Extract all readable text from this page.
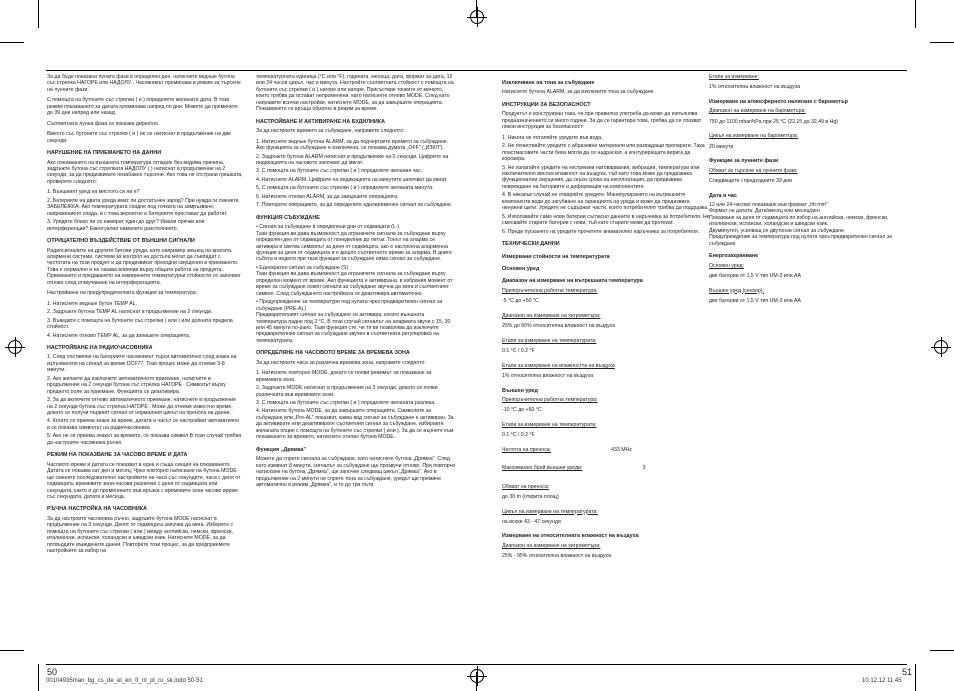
За да бъде показана пуната фаза в определен ден, натиснете ведные бутона със стрелка НАГОРЕ или НАДОЛУ . Часовникът преминава в режим за търсене на лунните фази.

С помощта на бутоните със стрелки ( и ) определете желаната дата. В този режим показването за датата преминава напред по дни. Можете да преминете до 39 дни напред или назад.

Съответната лунна фаза се показва директно.

Вместо със бутоните със стрелки ( и ) не се натиснат в продължение на две секунди.

НАРУШЕНИЕ НА ПРИЕМАНЕТО НА ДАННИ

Ако показването на външната температура отпадне без видима причина, задръжте бутона със стрелката НАДОЛУ ( ) натиснат в продължение на 2 секунди, за да предизвикате незабавно търсене. Ако това не отстрани грешката, проверете следното:

1. Външният уред на мястото си ли е?
2. Батериите на двата уреда имат ли достатъчен заряд? При нужда ги сменете. ЗАБЕЛЕЖКА: Ако температурата спадне под точката на замръзване, напрежението спада, и с това вероятно и батериите престават да работят.
3. Уредите близо ли се намират един до друг? Имали пречки или интерференции? Евентуално намалете разстоянието.
ОТРИЦАТЕЛНО ВЪЗДЕЙСТВИЕ ОТ ВЪНШНИ СИГНАЛИ

Радиосигналите на другите битови уреди, като например звънец на вратата, алармени системи, системи за контрол на достъпа могат да съвпадат с честотата на този продукт и да предизвикат преходни смущения в приемането. Това е нормално и не оказва влияние върху общата работа на продукта. Приемането и предаването на измерените температурни стойности се започват отново след отзвучаване на интерференцията.

Настройване на предупредителната функция за температура:

1. Натиснете ведные бутон TEMP AL.
2. Задръжте бутона TEMP AL натиснат в продължение на 2 секунди.
3. Въведете с помощта на бутоните със стрелки ( или ) или долната предела стойност.
4. Натиснете отново TEMP AL, за да запишете операцията.
НАСТРОЙВАНЕ НА РАДИОЧАСОВНИКА
1. След поставяне на батериите часовникът търси автоматично след знака на излъчвателя на сигнал за време DCF77. Този процес може да отнеме 3-8 минути.
2. Ако желаете да изключите автоматичното приемане, натиснете в продължение на 2 секунди бутона със стрелка НАГОРЕ . Символът върху предното поле за приемане. Функцията се деактивира.
3. За да включите отново автоматичното приемане, натиснете в продължение на 2 секунди бутона със стрелка НАГОРЕ . Може да отнеме известно време, докато се получи първият сигнал от нормалния цикъл на преноса на данни.
4. Когато се приема знака за време, датата и часът се настройват автоматично и се показва символът на радиочасовника .
5. Ако не се приема знакът за времето, се показва символ В този случай трябва да настроите часовника ръчно.
РЕЖИМ НА ПОКАЗВАНЕ ЗА ЧАСОВО ВРЕМЕ И ДАТА

Часовото време и датата се показват в една и съща секция на показването. Датата се показва кат ден и месец. Чрез повторно натискане на бутона MODE ще сменяте последователно настройките на часа със секундите, часа с деня от седмицата, времевите зони-часови различни с деня от седмицата или секундата, както и до променянето във връзка с времевите зони часово време със секундата, датата и месеца.

РЪЧНА НАСТРОЙКА НА ЧАСОВНИКА

За да настроите часовника ръчно, задръжте бутона MODE натиснат в продължение на 3 секунди. Денят от седмицата започва да мига. Изберете с помощта на бутоните със стрелки ( или ) между английски, немски, френски, италиански, испански, холандски и шведски език. Натиснете MODE, за да потвърдите въведените данни. Повторете този процес, за да предприемете настройките за избор на

температурната единица (°С или °F), годината, месеца, дата, формат за дата, 12 или 24 часов цикъл, час и минута. Настройте съответната стойност с помощта на бутоните със стрелки ( и ) нагоре или нагоре. Присъствие тонките от менюто, които трябва да остават непроменени, като натиснете отново MODE. След като направите всички настройки, натиснете MODE, за да завършите операцията. Показването се връща обратно в режим за време.

НАСТРОЙВАНЕ И АКТИВИРАНЕ НА БУДИЛНИКА

За да настроите времето за събуждане, направете следното:

1. Натиснете ведные бутона ALARM, за да подчертаете времето за събуждане. Ако функцията за събуждане е изключена, се показва думата „OFF" („ИЗКЛ").
2. Задръжте бутона ALARM натиснат в продължение на 2 секунди. Цифрите на индикацията на часовете започват да мигат.
3. С помощта на бутоните със стрелки ( и ) определете желания час.
4. Натиснете ALARM. Цифрите на индикацията на минутите започват да мигат.
5. С помощта на бутоните със стрелки ( и ) определете желаната минута.
6. Натиснете отново ALARM, за да завършите операцията.
7. Повторете операциите, за да определите едновременен сигнал за събуждане.
ФУНКЦИЯ СЪБУЖДАНЕ
• Сигнал за събуждане в определени дни от седмицата (L-)
Тази функция ви дава възможност да ограничите сигнала за събуждане върху определен ден от седмицата от понеделник до петък. Тонът на аларма се активира и светва символът за деня от седмицата, ако е настроена аларменна функция за деня от седмицата и е дошло съответното време за аларма. В дните събота и неделя при тази функция за събуждане няма сигнал за събуждане.
• Еднократен сигнал за събуждане (S)
Тази функция ви дава възможност да ограничите сигнала за събуждане върху определен момент от време. Ако функцията е активирана, в избрания момент от време за събуждане освен сигнала за събуждане звучна да мига и съответният символ. След събуждането настройката се деактивира автоматично.
• Предупреждение за температури под нулата чрез предварителен сигнал за събуждане (PRE-AL)
Предварителният сигнал за събуждане се активира, когато външната температура падне под 2 °С. В този случай сигналът на алармата звучи с 15, 30 или 45 минути по-рано. Тази функция сте, че тя ви позволява да изключите предварителния сигнал за събуждане звучен в съответната регулировка на температурата.
ОПРЕДЕЛЯНЕ НА ЧАСОВОТО ВРЕМЕ ЗА ВРЕМЕВА ЗОНА

За да настроите часа за различна времева зона, направете следното:

1. Натиснете повторно MODE, докато се появи режимът за показване за времевата зона.
2. Задръжте MODE натиснат в продължение на 3 секунди, докато се появи различната във времевите зони.
3. С помощта на бутоните със стрелки ( и ) определете желаната разлика.
4. Натиснете бутона MODE, за да завършите операцията. Символите за събуждане или „Pre-AL" показват, каква вид сигнал за събуждане е активиран. За да активирате или деактивирате съответния сигнал за събуждане, избираете желаната опция с помощта на бутоните със стрелки ( или ). За да се върнете към показването за времето, натиснете отново бутона MODE.
Функция „Дрямка"

Можете да спрете сигнала за събуждане, като натиснете бутона „Дрямка". След като изминат 8 минути, сигналът за събуждане ще прозвучи отново. При повторно натискане на бутона „Дрямка", ще започне следващ цикъл „Дрямка". Ако в продължение на 2 минути не спрете тона за събуждане, уредът ще премине автоматично в режим „Дрямка", и то до три пъти.

50
Изключване на тона за събуждане

Натиснете бутона ALARM, за да изключите тона за събуждане.

ИНСТРУКЦИИ ЗА БЕЗОПАСНОСТ

Продуктът е конструиран така, че при правилна употреба да може да изпълнява предназначението си много години. За да се гарантира това, трябва да се спазват някои инструкции за безопасност:

1. Никога не потапяйте уредите във вода.
2. Не почиствайте уредите с абразивни материали или разяждащи препарати. Така пластмасовите части биха могли да се надраскат, а контуриращата верига да корозира.
3. Не излагайте уредите на екстремни натоварвания, вибрации, температури или изключително висока влажност на въздуха, тъй като това може да предизвика функционални смущения, да скъси срока на експлоатация, да предизвика повреждане на батериите и деформация на компонентите.
4. В никакъв случай не отваряйте уредите. Манипулирането на вътрешните компоненти води до загубване на гаранцията на уреда и може да предизвика ненужни щети. Уредите не съдържат части, които потребителят трябва да поддържа.
5. Използвайте само нови батерии съгласно данните в наръчника за потребителя. Не смесвайте старите батерии с нови, тъй като старите може да протекат.
6. Преди пускането на уредите прочетете внимателно наръчника за потребителя.
ТЕХНИЧЕСКИ ДАННИ
Измервани стойности на температурата
Основен уред
Диапазон на измерване на вътрешната температура

Препоръчителна работна температура:

-5 °С до +50 °С

Диапазон на измерване на хигрометъра:

25% до 90% относителна влажност на въздуха

Етапи за измерване на температурата:

0.1 °С / 0.2 °F

Етапи за измерване на влажността на въздуха

1% относителна влажност на въздуха

Външен уред

Препоръчителна работна температура:

-10 °С до +60 °С

Етапи за измерване на температурата:

0.1 °С / 0.2 °F

Честота на преноса:	433 MHz
Максимален брой външни уреди:	3

Обхват на преноса:

до 30 m (открита площ)

Цикъл на измерване на температурата:

на всеки 43 - 47 секунди

Измерване на относителната влажност на въздуха

Диапазон на измерване на хигрометъра:

25% - 95% относителна влажност на въздуха

Етапи за измерване:

1% относителна влажност на въздуха

Измерване на атмосферното налягане с барометър

Диапазон на измерване на барометъра:

750 до 1100 mbar/hPa при 25 °С (22,15 до 32,49 в Hg)

Цикъл на измерване на барометъра:

20 минути

Функции за лунните фази

Обхват за търсене на лунните фази:

Следващите / предходните 39 дни

Дата и час

12 или 24-часово показване във формат „hh:mm"
Формат на датата: Дата/месец или месец/ден
Показване за деня от седмицата по избор на английски, немски, френски, италиански, испански, холандски и шведски език.
Двуминутен, усилващ се двутонов сигнал за събуждане
Предупреждение за температура под нулата чрез предварителен сигнал за събуждане

Енергозахранване

Основен уред:

две батерии от 1,5 V тип UM-3 или АА

Външен уред (сензор):

две батерии от 1,5 V тип UM-3 или АА

51
00104935man_bg_cs_de_el_en_fr_nl_pl_ru_sk.indd 50-51	10.12.12 11:45
